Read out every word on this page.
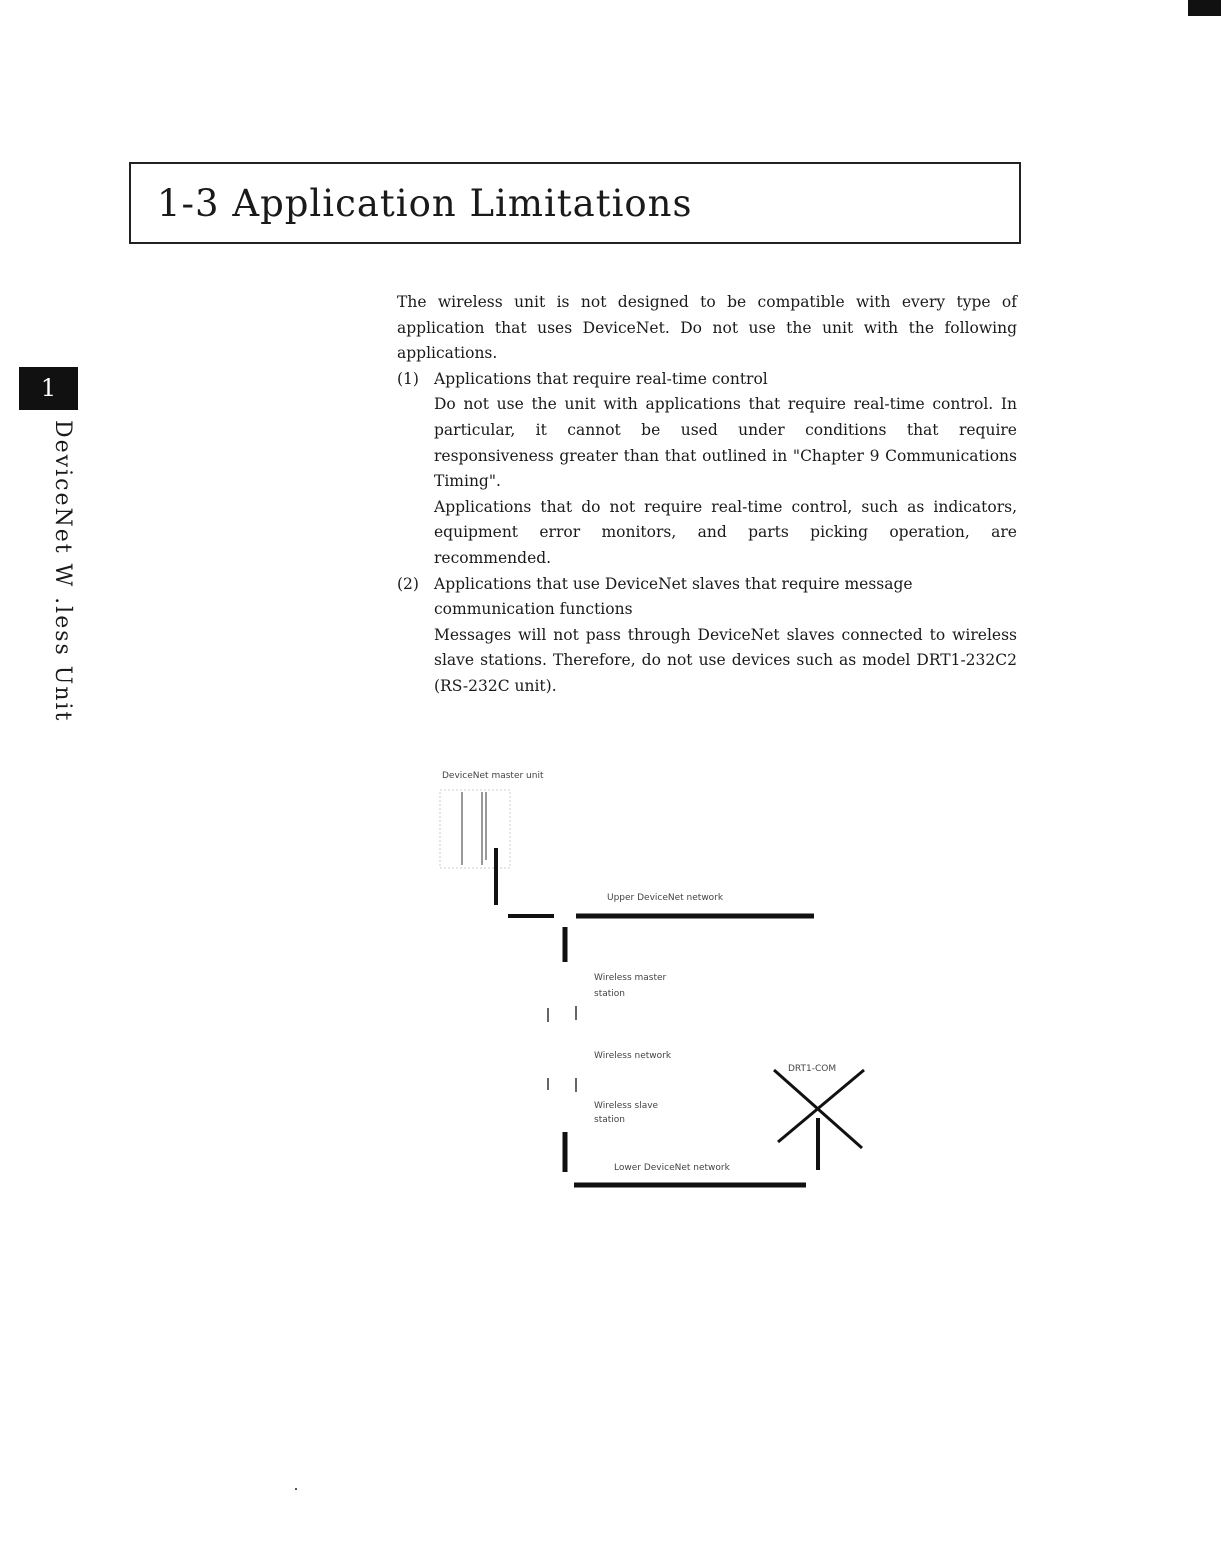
1-3 Application Limitations
1
DeviceNet W .less Unit

The wireless unit is not designed to be compatible with every type of application that uses DeviceNet. Do not use the unit with the following applications.

(1) Applications that require real-time control

Do not use the unit with applications that require real-time control. In particular, it cannot be used under conditions that require responsiveness greater than that outlined in "Chapter 9 Communications Timing".

Applications that do not require real-time control, such as indicators, equipment error monitors, and parts picking operation, are recommended.

(2) Applications that use DeviceNet slaves that require message communication functions

Messages will not pass through DeviceNet slaves connected to wireless slave stations. Therefore, do not use devices such as model DRT1-232C2 (RS-232C unit).

DeviceNet master unit
Upper DeviceNet network
Wireless master
station
Wireless network
Wireless slave
station
Lower DeviceNet network
DRT1-COM
